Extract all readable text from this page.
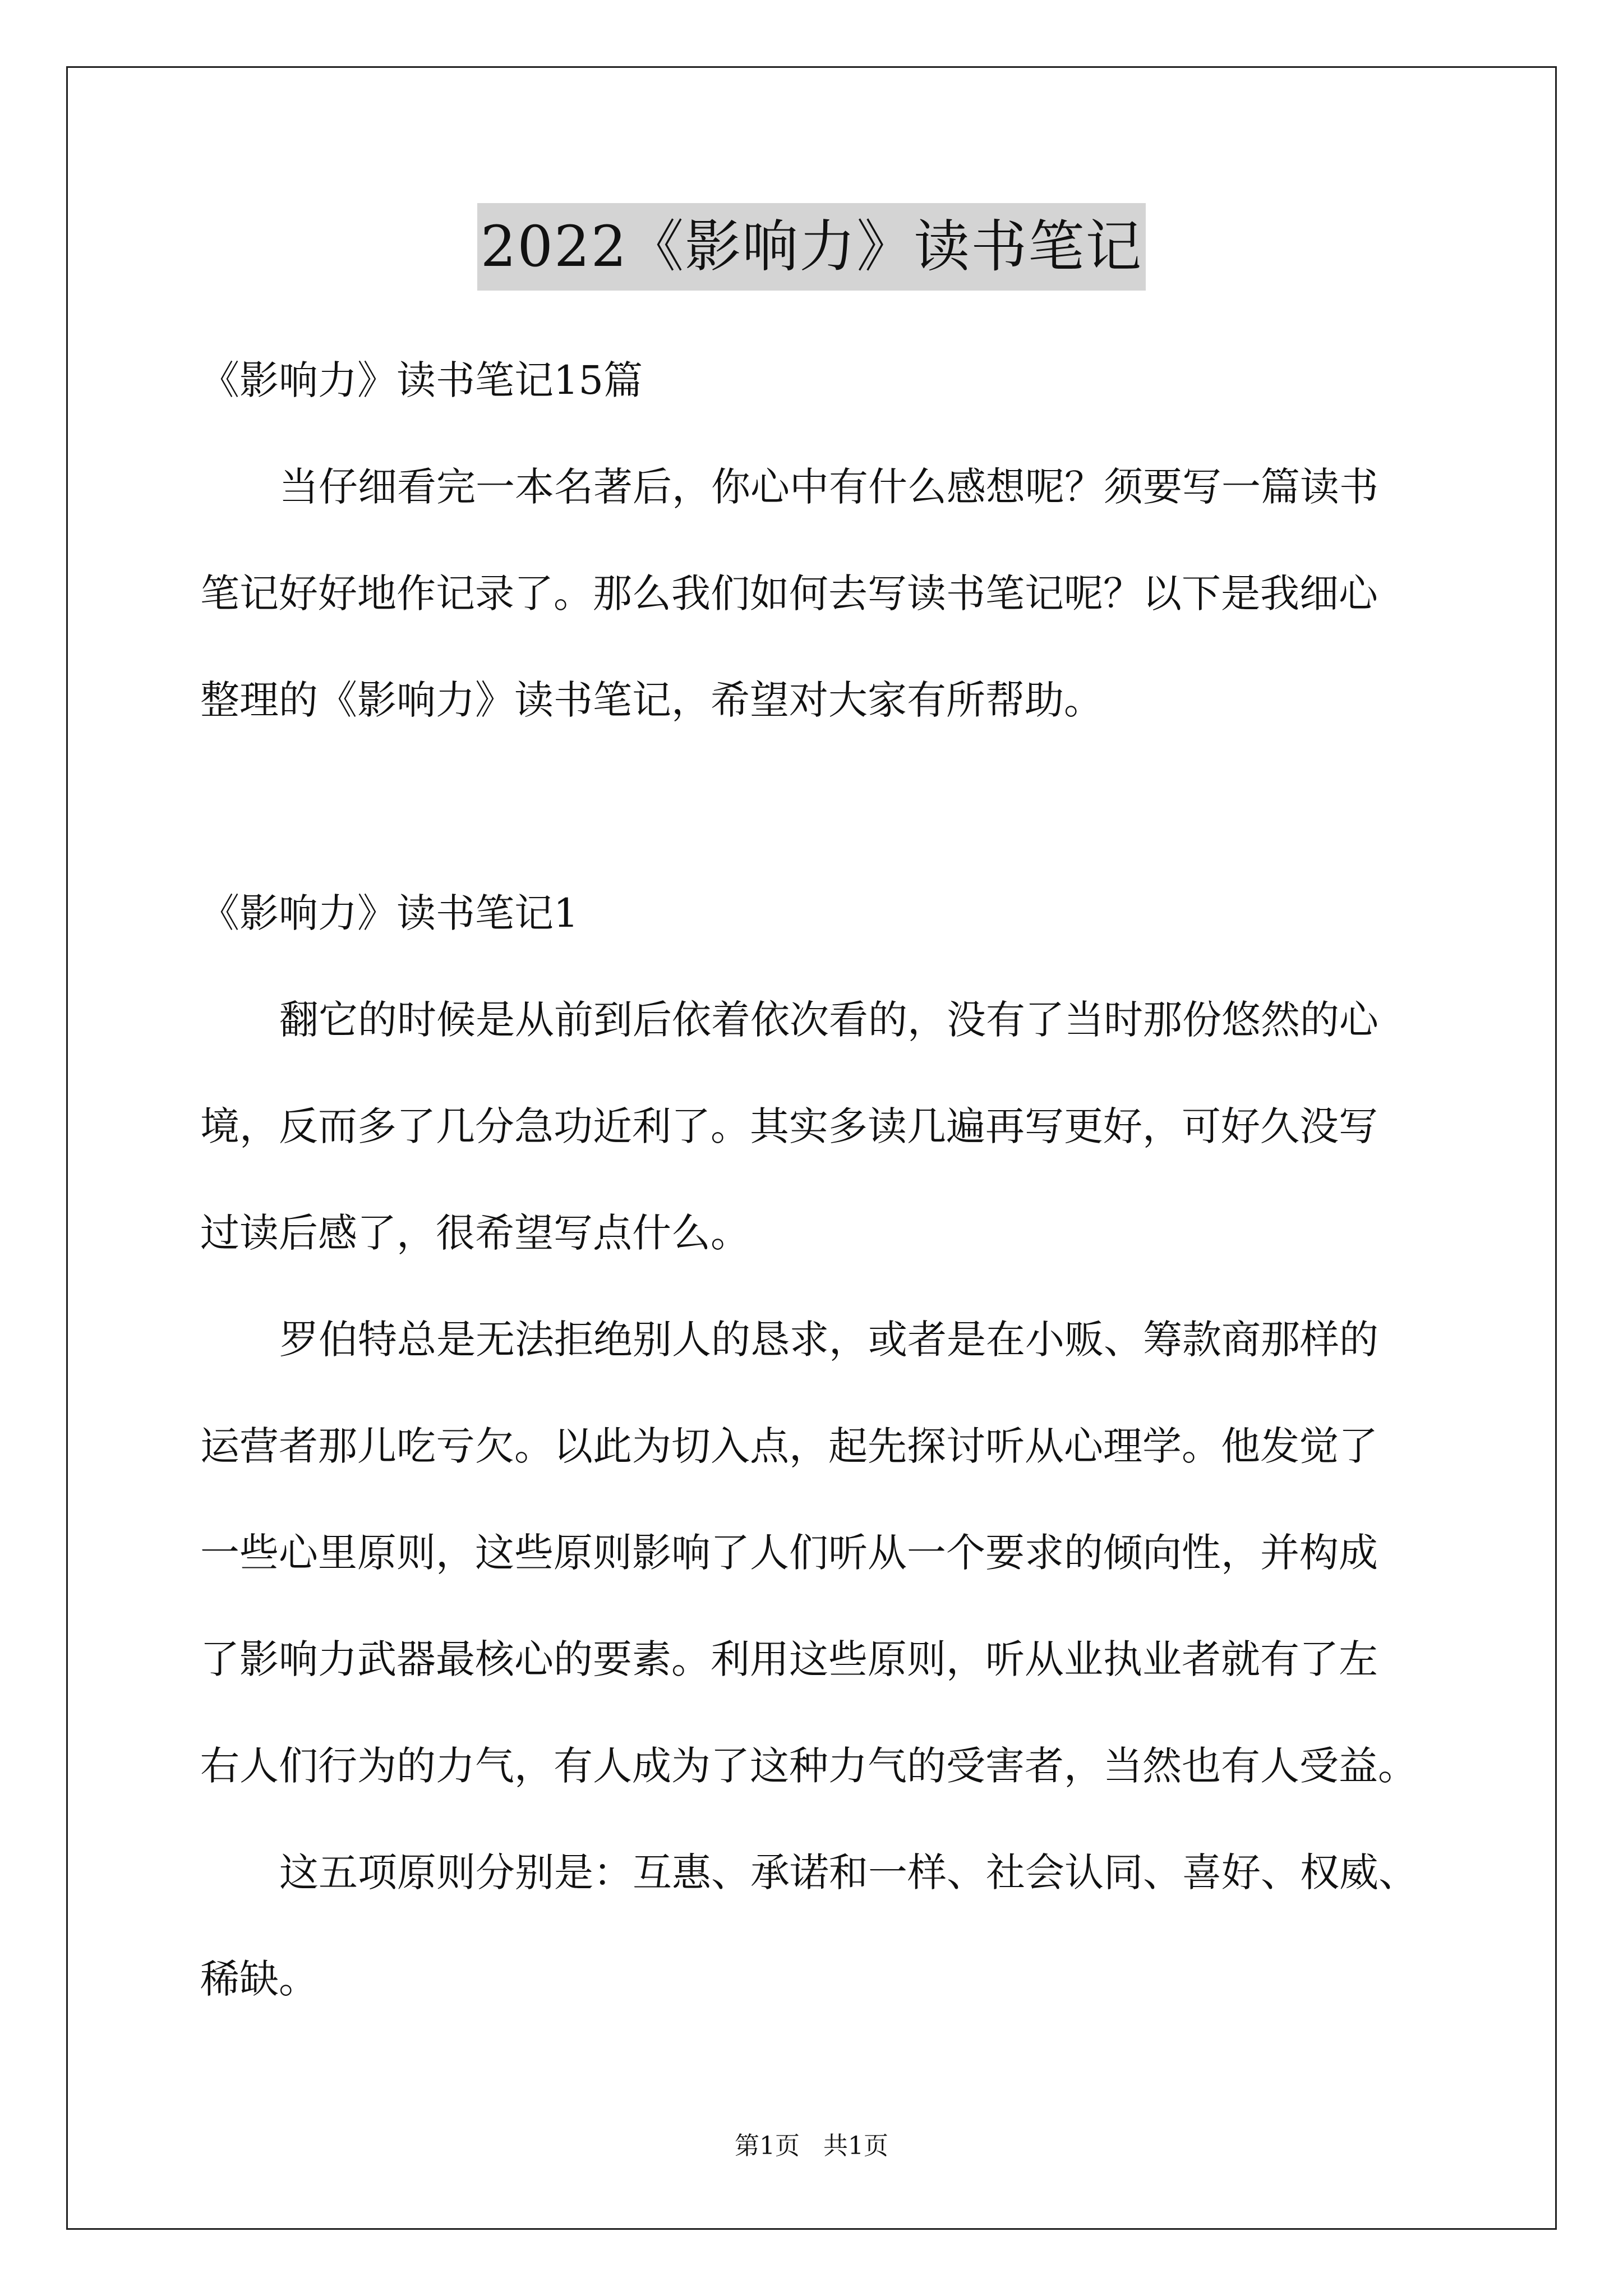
2022《影响力》读书笔记
《影响力》读书笔记15篇
当仔细看完一本名著后，你心中有什么感想呢？须要写一篇读书
笔记好好地作记录了。那么我们如何去写读书笔记呢？以下是我细心
整理的《影响力》读书笔记，希望对大家有所帮助。
《影响力》读书笔记1
翻它的时候是从前到后依着依次看的，没有了当时那份悠然的心
境，反而多了几分急功近利了。其实多读几遍再写更好，可好久没写
过读后感了，很希望写点什么。
罗伯特总是无法拒绝别人的恳求，或者是在小贩、筹款商那样的
运营者那儿吃亏欠。以此为切入点，起先探讨听从心理学。他发觉了
一些心里原则，这些原则影响了人们听从一个要求的倾向性，并构成
了影响力武器最核心的要素。利用这些原则，听从业执业者就有了左
右人们行为的力气，有人成为了这种力气的受害者，当然也有人受益。
这五项原则分别是：互惠、承诺和一样、社会认同、喜好、权威、
稀缺。
第1页   共1页
